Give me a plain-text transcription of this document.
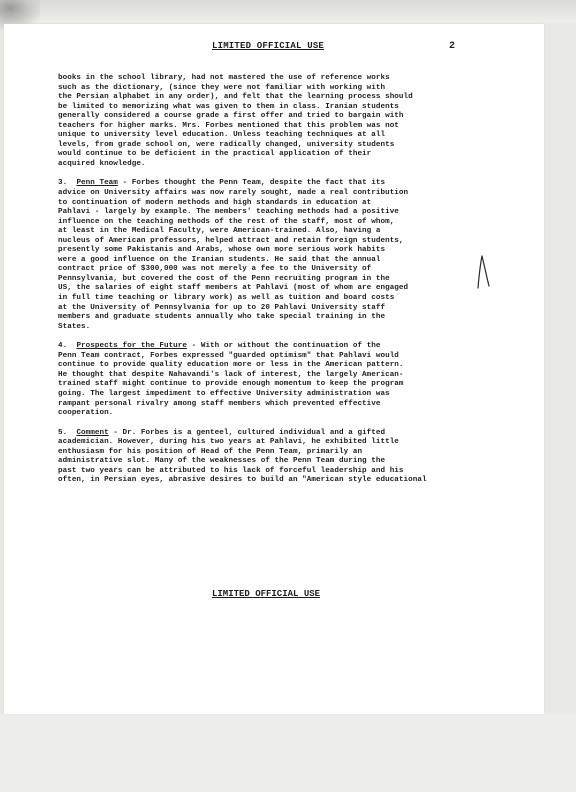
LIMITED OFFICIAL USE	2
books in the school library, had not mastered the use of reference works
such as the dictionary, (since they were not familiar with working with
the Persian alphabet in any order), and felt that the learning process should
be limited to memorizing what was given to them in class. Iranian students
generally considered a course grade a first offer and tried to bargain with
teachers for higher marks. Mrs. Forbes mentioned that this problem was not
unique to university level education. Unless teaching techniques at all
levels, from grade school on, were radically changed, university students
would continue to be deficient in the practical application of their
acquired knowledge.
3. Penn Team - Forbes thought the Penn Team, despite the fact that its
advice on University affairs was now rarely sought, made a real contribution
to continuation of modern methods and high standards in education at
Pahlavi - largely by example. The members' teaching methods had a positive
influence on the teaching methods of the rest of the staff, most of whom,
at least in the Medical Faculty, were American-trained. Also, having a
nucleus of American professors, helped attract and retain foreign students,
presently some Pakistanis and Arabs, whose own more serious work habits
were a good influence on the Iranian students. He said that the annual
contract price of $300,000 was not merely a fee to the University of
Pennsylvania, but covered the cost of the Penn recruiting program in the
US, the salaries of eight staff members at Pahlavi (most of whom are engaged
in full time teaching or library work) as well as tuition and board costs
at the University of Pennsylvania for up to 20 Pahlavi University staff
members and graduate students annually who take special training in the
States.
4. Prospects for the Future - With or without the continuation of the
Penn Team contract, Forbes expressed "guarded optimism" that Pahlavi would
continue to provide quality education more or less in the American pattern.
He thought that despite Nahavandi's lack of interest, the largely American-
trained staff might continue to provide enough momentum to keep the program
going. The largest impediment to effective University administration was
rampant personal rivalry among staff members which prevented effective
cooperation.
5. Comment - Dr. Forbes is a genteel, cultured individual and a gifted
academician. However, during his two years at Pahlavi, he exhibited little
enthusiasm for his position of Head of the Penn Team, primarily an
administrative slot. Many of the weaknesses of the Penn Team during the
past two years can be attributed to his lack of forceful leadership and his
often, in Persian eyes, abrasive desires to build an "American style educational
LIMITED OFFICIAL USE
